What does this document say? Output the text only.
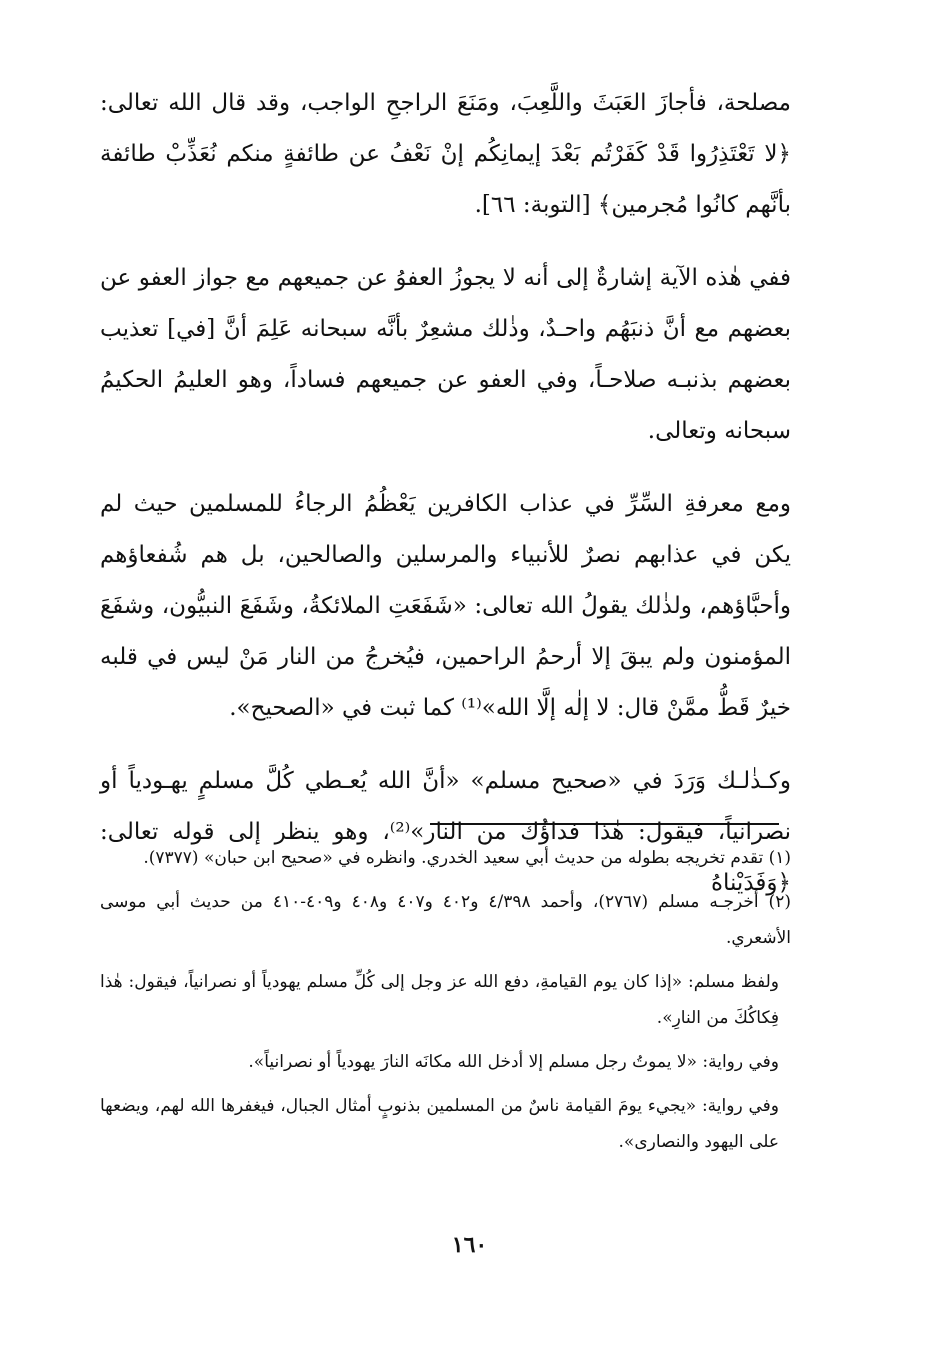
مصلحة، فأجازَ العَبَثَ واللَّعِبَ، ومَنَعَ الراجحِ الواجب، وقد قال الله تعالى: ﴿لا تَعْتَذِرُوا قَدْ كَفَرْتُم بَعْدَ إيمانِكُم إنْ نَعْفُ عن طائفةٍ منكم نُعَذِّبْ طائفة بأنَّهم كانُوا مُجرمين﴾ [التوبة: ٦٦].

ففي هٰذه الآية إشارةٌ إلى أنه لا يجوزُ العفوُ عن جميعهم مع جواز العفو عن بعضهم مع أنَّ ذنبَهُم واحـدٌ، وذٰلك مشعِرٌ بأنَّه سبحانه عَلِمَ أنَّ [في] تعذيب بعضهم بذنبـه صلاحـاً، وفي العفو عن جميعهم فساداً، وهو العليمُ الحكيمُ سبحانه وتعالى.

ومع معرفةِ السِّرِّ في عذاب الكافرين يَعْظُمُ الرجاءُ للمسلمين حيث لم يكن في عذابهم نصرٌ للأنبياء والمرسلين والصالحين، بل هم شُفعاؤهم وأحبَّاؤهم، ولذٰلك يقولُ الله تعالى: «شَفَعَتِ الملائكةُ، وشَفَعَ النبيُّون، وشفَعَ المؤمنون ولم يبقَ إلا أرحمُ الراحمين، فيُخرجُ من النار مَنْ ليس في قلبه خيرٌ قَطُّ ممَّنْ قال: لا إلٰه إلَّا الله»⁽¹⁾ كما ثبت في «الصحيح».

وكـذٰلـك وَرَدَ في «صحيح مسلم» «أنَّ الله يُعـطي كُلَّ مسلمٍ يهـودياً أو نصرانياً، فيقول: هٰذا فداؤُك من النار»⁽²⁾، وهو ينظر إلى قوله تعالى: ﴿وَفَدَيْناهُ

(١) تقدم تخريجه بطوله من حديث أبي سعيد الخدري. وانظره في «صحيح ابن حبان» (٧٣٧٧).

(٢) أخرجـه مسلم (٢٧٦٧)، وأحمد ٤/٣٩٨ و٤٠٢ و٤٠٧ و٤٠٨ و٤٠٩-٤١٠ من حديث أبي موسى الأشعري.

ولفظ مسلم: «إذا كان يوم القيامةِ، دفع الله عز وجل إلى كُلِّ مسلم يهودياً أو نصرانياً، فيقول: هٰذا فِكاكُكَ من النارِ».

وفي رواية: «لا يموتُ رجل مسلم إلا أدخل الله مكانَه النارَ يهودياً أو نصرانياً».

وفي رواية: «يجيء يومَ القيامة ناسٌ من المسلمين بذنوبٍ أمثال الجبال، فيغفرها الله لهم، ويضعها على اليهود والنصارى».

١٦٠
